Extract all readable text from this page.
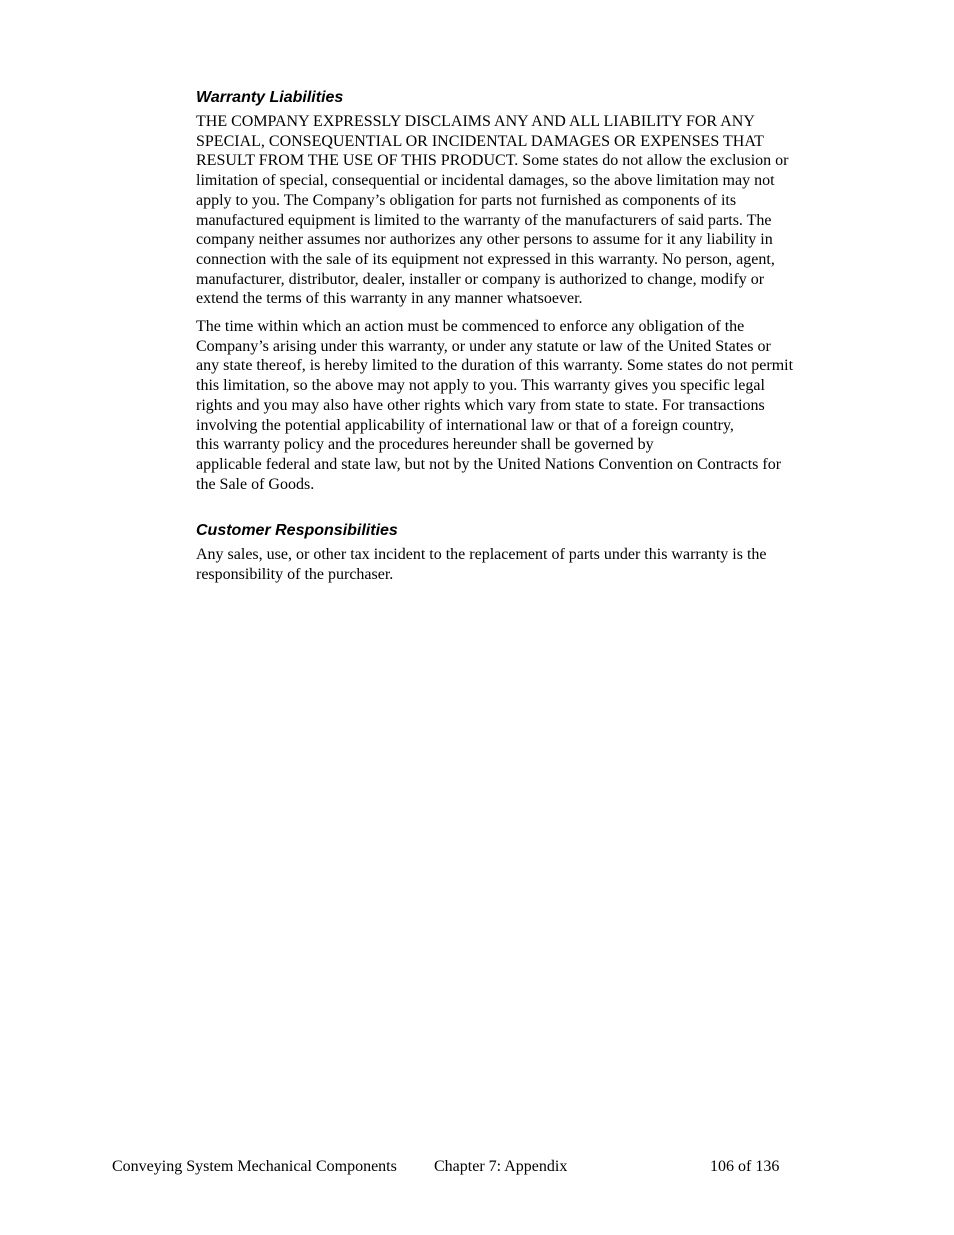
Warranty Liabilities

THE COMPANY EXPRESSLY DISCLAIMS ANY AND ALL LIABILITY FOR ANY
SPECIAL, CONSEQUENTIAL OR INCIDENTAL DAMAGES OR EXPENSES THAT
RESULT FROM THE USE OF THIS PRODUCT. Some states do not allow the exclusion or
limitation of special, consequential or incidental damages, so the above limitation may not
apply to you. The Company’s obligation for parts not furnished as components of its
manufactured equipment is limited to the warranty of the manufacturers of said parts. The
company neither assumes nor authorizes any other persons to assume for it any liability in
connection with the sale of its equipment not expressed in this warranty. No person, agent,
manufacturer, distributor, dealer, installer or company is authorized to change, modify or
extend the terms of this warranty in any manner whatsoever.

The time within which an action must be commenced to enforce any obligation of the
Company’s arising under this warranty, or under any statute or law of the United States or
any state thereof, is hereby limited to the duration of this warranty. Some states do not permit
this limitation, so the above may not apply to you. This warranty gives you specific legal
rights and you may also have other rights which vary from state to state. For transactions
involving the potential applicability of international law or that of a foreign country,
this warranty policy and the procedures hereunder shall be governed by
applicable federal and state law, but not by the United Nations Convention on Contracts for
the Sale of Goods.

Customer Responsibilities

Any sales, use, or other tax incident to the replacement of parts under this warranty is the
responsibility of the purchaser.

Conveying System Mechanical Components Chapter 7: Appendix	106 of 136
